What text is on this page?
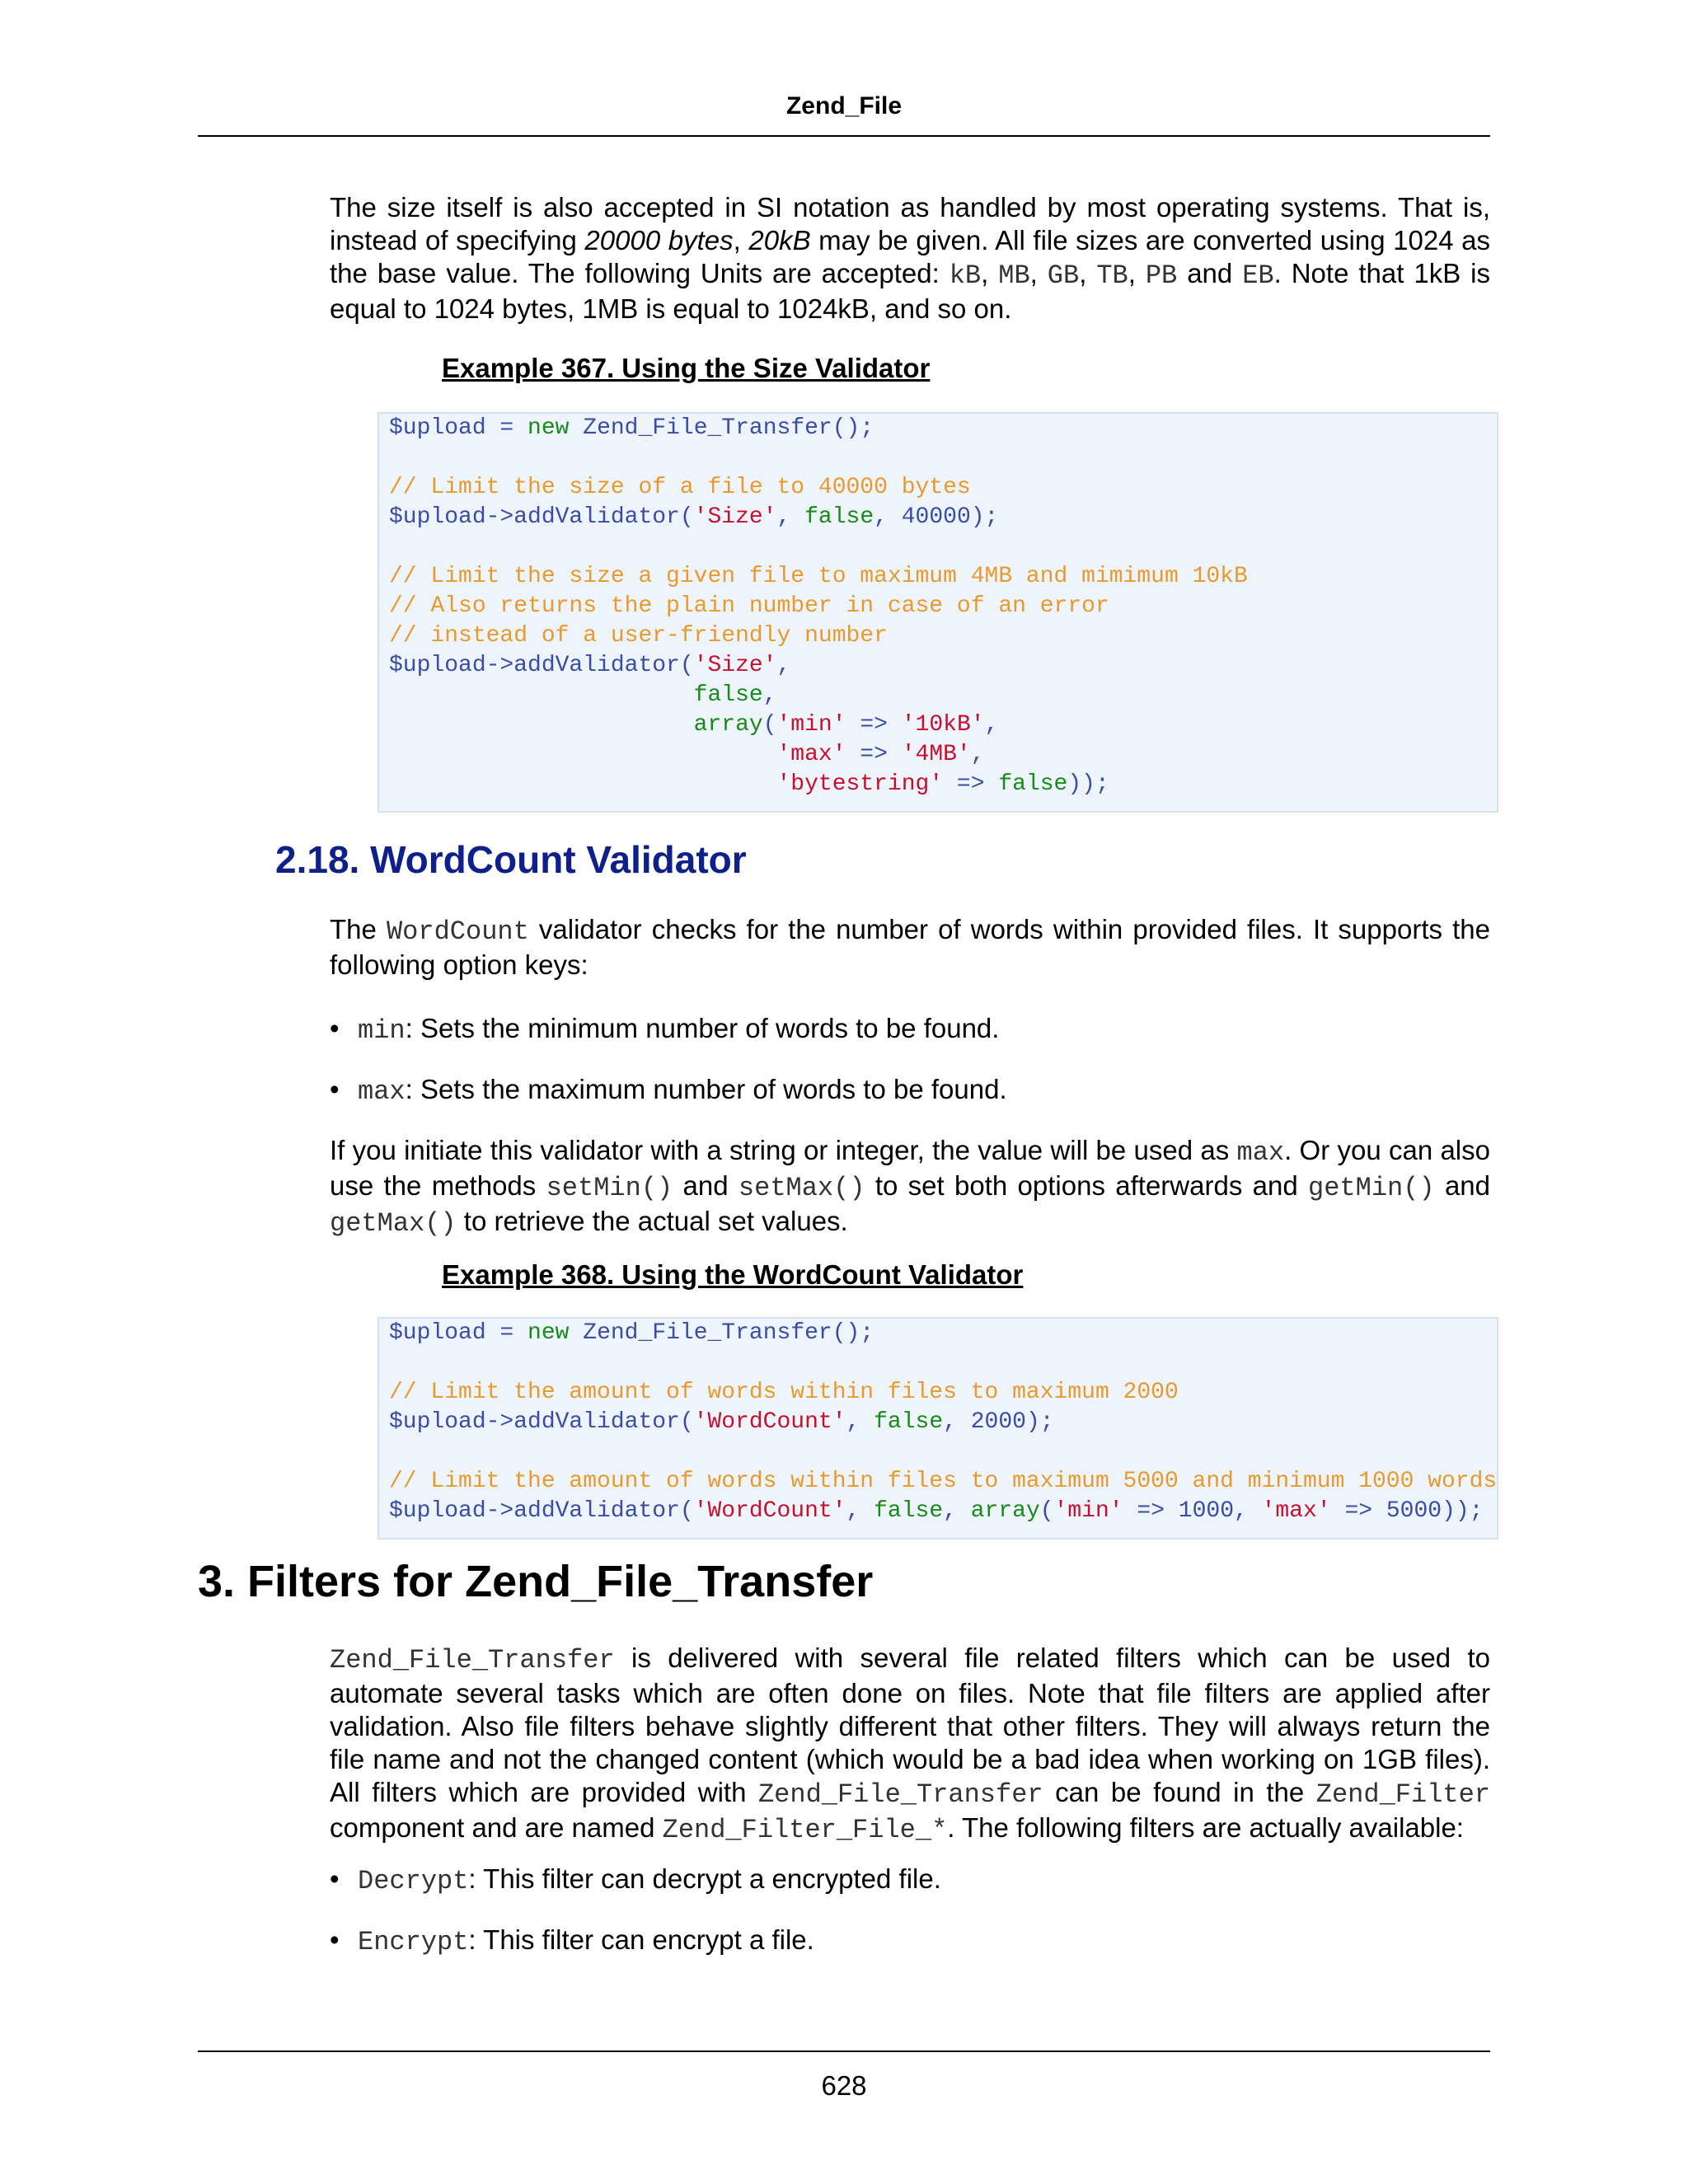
Zend_File

The size itself is also accepted in SI notation as handled by most operating systems. That is, instead of specifying 20000 bytes, 20kB may be given. All file sizes are converted using 1024 as the base value. The following Units are accepted: kB, MB, GB, TB, PB and EB. Note that 1kB is equal to 1024 bytes, 1MB is equal to 1024kB, and so on.

Example 367. Using the Size Validator
$upload = new Zend_File_Transfer();

// Limit the size of a file to 40000 bytes
$upload->addValidator('Size', false, 40000);

// Limit the size a given file to maximum 4MB and mimimum 10kB
// Also returns the plain number in case of an error
// instead of a user-friendly number
$upload->addValidator('Size',
false,
array('min' => '10kB',
'max' => '4MB',
'bytestring' => false));
2.18. WordCount Validator

The WordCount validator checks for the number of words within provided files. It supports the following option keys:

• min: Sets the minimum number of words to be found.
• max: Sets the maximum number of words to be found.

If you initiate this validator with a string or integer, the value will be used as max. Or you can also use the methods setMin() and setMax() to set both options afterwards and getMin() and getMax() to retrieve the actual set values.

Example 368. Using the WordCount Validator
$upload = new Zend_File_Transfer();

// Limit the amount of words within files to maximum 2000
$upload->addValidator('WordCount', false, 2000);

// Limit the amount of words within files to maximum 5000 and minimum 1000 words
$upload->addValidator('WordCount', false, array('min' => 1000, 'max' => 5000));
3. Filters for Zend_File_Transfer

Zend_File_Transfer is delivered with several file related filters which can be used to automate several tasks which are often done on files. Note that file filters are applied after validation. Also file filters behave slightly different that other filters. They will always return the file name and not the changed content (which would be a bad idea when working on 1GB files). All filters which are provided with Zend_File_Transfer can be found in the Zend_Filter component and are named Zend_Filter_File_*. The following filters are actually available:

• Decrypt: This filter can decrypt a encrypted file.
• Encrypt: This filter can encrypt a file.
628
